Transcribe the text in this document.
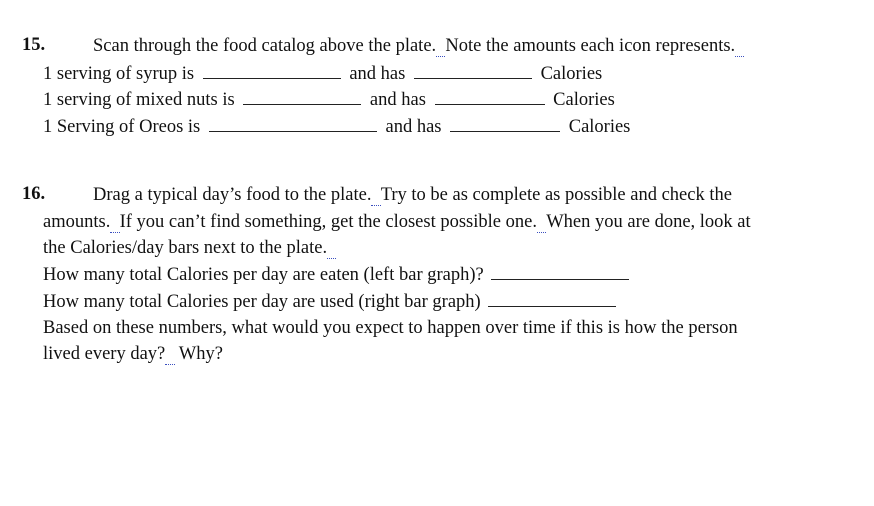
15.	Scan through the food catalog above the plate. Note the amounts each icon represents.
1 serving of syrup is	and has	Calories
1 serving of mixed nuts is	and has	Calories
1 Serving of Oreos is	and has	Calories
16.	Drag a typical day’s food to the plate. Try to be as complete as possible and check the
amounts. If you can’t find something, get the closest possible one. When you are done, look at
the Calories/day bars next to the plate.
How many total Calories per day are eaten (left bar graph)?
How many total Calories per day are used (right bar graph)
Based on these numbers, what would you expect to happen over time if this is how the person
lived every day? Why?
